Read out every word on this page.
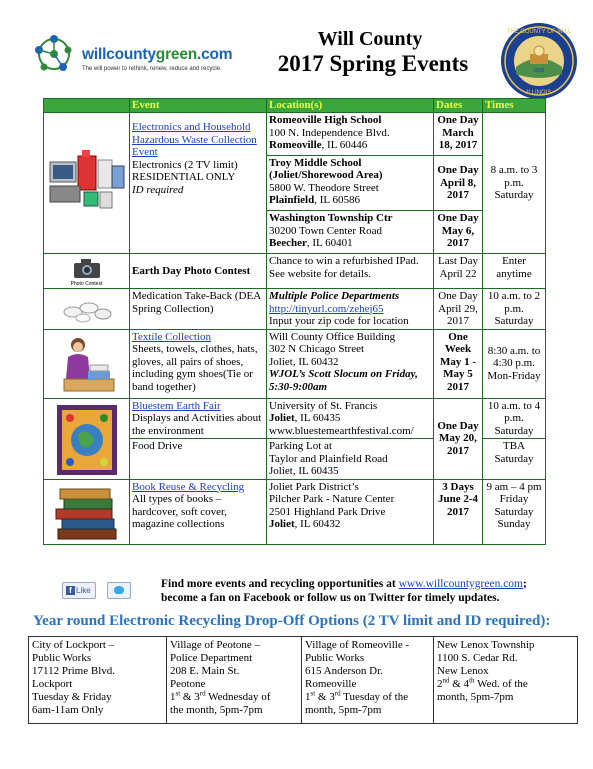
willcountygreen.com
The will power to rethink, renew, reduce and recycle.
Will County
2017 Spring Events
THE COUNTY OF WILL
1836
ILLINOIS
	Event	Location(s)	Dates	Times

Electronics and Household Hazardous Waste Collection Event
Electronics (2 TV limit)
RESIDENTIAL ONLY
ID required	Romeoville High School
100 N. Independence Blvd.
Romeoville, IL 60446	One Day
March 18, 2017	8 a.m. to 3 p.m. Saturday
		Troy Middle School (Joliet/Shorewood Area)
5800 W. Theodore Street
Plainfield, IL 60586	One Day
April 8, 2017	
		Washington Township Ctr
30200 Town Center Road
Beecher, IL 60401	One Day
May 6, 2017	

Photo Contest	Earth Day Photo Contest	Chance to win a refurbished IPad. See website for details.	Last Day April 22	Enter anytime

	Medication Take-Back (DEA Spring Collection)	Multiple Police Departments
http://tinyurl.com/zehej65
Input your zip code for location	One Day April 29, 2017	10 a.m. to 2 p.m. Saturday

	Textile Collection
Sheets, towels, clothes, hats, gloves, all pairs of shoes, including gym shoes(Tie or band together)	Will County Office Building
302 N Chicago Street
Joliet, IL 60432
WJOL’s Scott Slocum on Friday, 5:30-9:00am	One Week
May 1 -May 5 2017	8:30 a.m. to 4:30 p.m. Mon-Friday

	Bluestem Earth Fair
Displays and Activities about the environment	University of St. Francis
Joliet, IL 60435
www.bluestemearthfestival.com/	One Day
May 20, 2017	10 a.m. to 4 p.m. Saturday
	Food Drive	Parking Lot at
Taylor and Plainfield Road
Joliet, IL 60435		TBA Saturday

	Book Reuse & Recycling
All types of books – hardcover, soft cover, magazine collections	Joliet Park District’s
Pilcher Park - Nature Center
2501 Highland Park Drive
Joliet, IL 60432	3 Days
June 2-4 2017	9 am – 4 pm Friday Saturday Sunday
f $^{Like}$
Find more events and recycling opportunities at www.willcountygreen.com;
become a fan on Facebook or follow us on Twitter for timely updates.
Year round Electronic Recycling Drop-Off Options (2 TV limit and ID required):
City of Lockport –
Public Works
17112 Prime Blvd.
Lockport
Tuesday & Friday
6am-11am Only	Village of Peotone –
Police Department
208 E. Main St.
Peotone
1st & 3rd Wednesday of
the month, 5pm-7pm	Village of Romeoville -
Public Works
615 Anderson Dr.
Romeoville
1st & 3rd Tuesday of the
month, 5pm-7pm	New Lenox Township
1100 S. Cedar Rd.
New Lenox
2nd & 4th Wed. of the
month, 5pm-7pm
